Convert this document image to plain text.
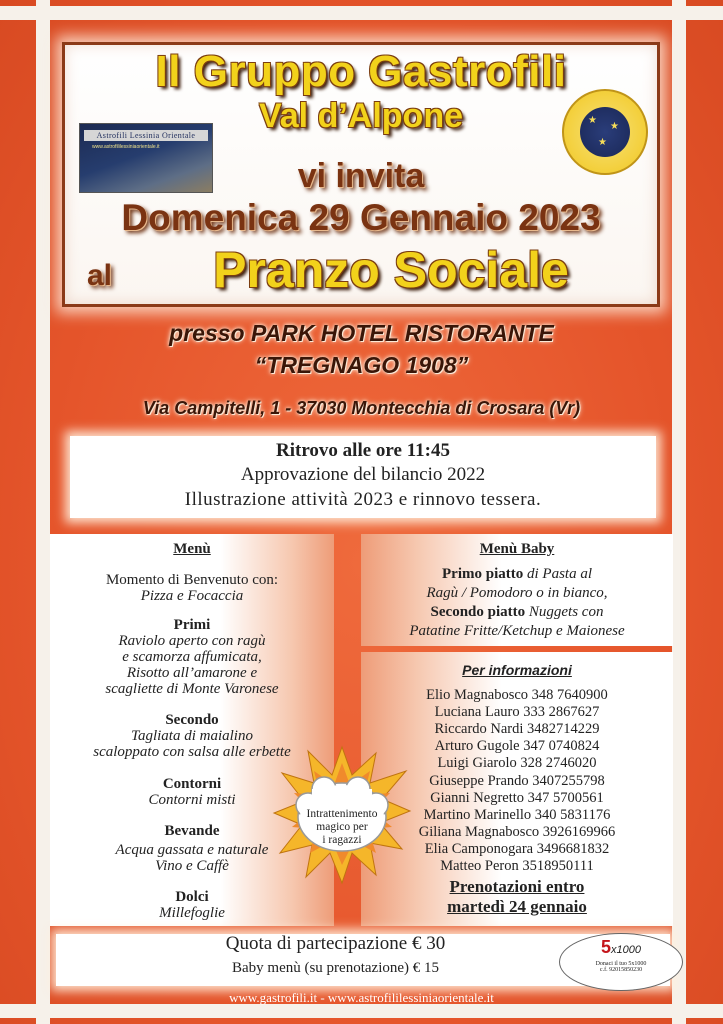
Il Gruppo Gastrofili
Val d’Alpone
Astrofili Lessinia Orientale
www.astrofililessiniaorientale.it
★
★
★
vi invita
Domenica 29 Gennaio 2023
al	Pranzo Sociale
presso PARK HOTEL RISTORANTE
“TREGNAGO 1908”
Via Campitelli, 1 - 37030 Montecchia di Crosara (Vr)
Ritrovo alle ore 11:45
Approvazione del bilancio 2022
Illustrazione attività 2023 e rinnovo tessera.
Menù
Momento di Benvenuto con:
Pizza e Focaccia
Primi
Raviolo aperto con ragù
e scamorza affumicata,
Risotto all’amarone e
scagliette di Monte Varonese
Secondo
Tagliata di maialino
scaloppato con salsa alle erbette
Contorni
Contorni misti
Bevande
Acqua gassata e naturale
Vino e Caffè
Dolci
Millefoglie
Menù Baby
Primo piatto di Pasta al
Ragù / Pomodoro o in bianco,
Secondo piatto Nuggets con
Patatine Fritte/Ketchup e Maionese
Per informazioni
Elio Magnabosco 348 7640900
Luciana Lauro 333 2867627
Riccardo Nardi 3482714229
Arturo Gugole 347 0740824
Luigi Giarolo 328 2746020
Giuseppe Prando 3407255798
Gianni Negretto 347 5700561
Martino Marinello 340 5831176
Giliana Magnabosco 3926169966
Elia Camponogara 3496681832
Matteo Peron 3518950111
Prenotazioni entro
martedì 24 gennaio
Intrattenimento
magico per
i ragazzi
Quota di partecipazione € 30
Baby menù (su prenotazione) € 15
5x1000
Donaci il tuo 5x1000
c.f. 92015850230
www.gastrofili.it - www.astrofililessiniaorientale.it
